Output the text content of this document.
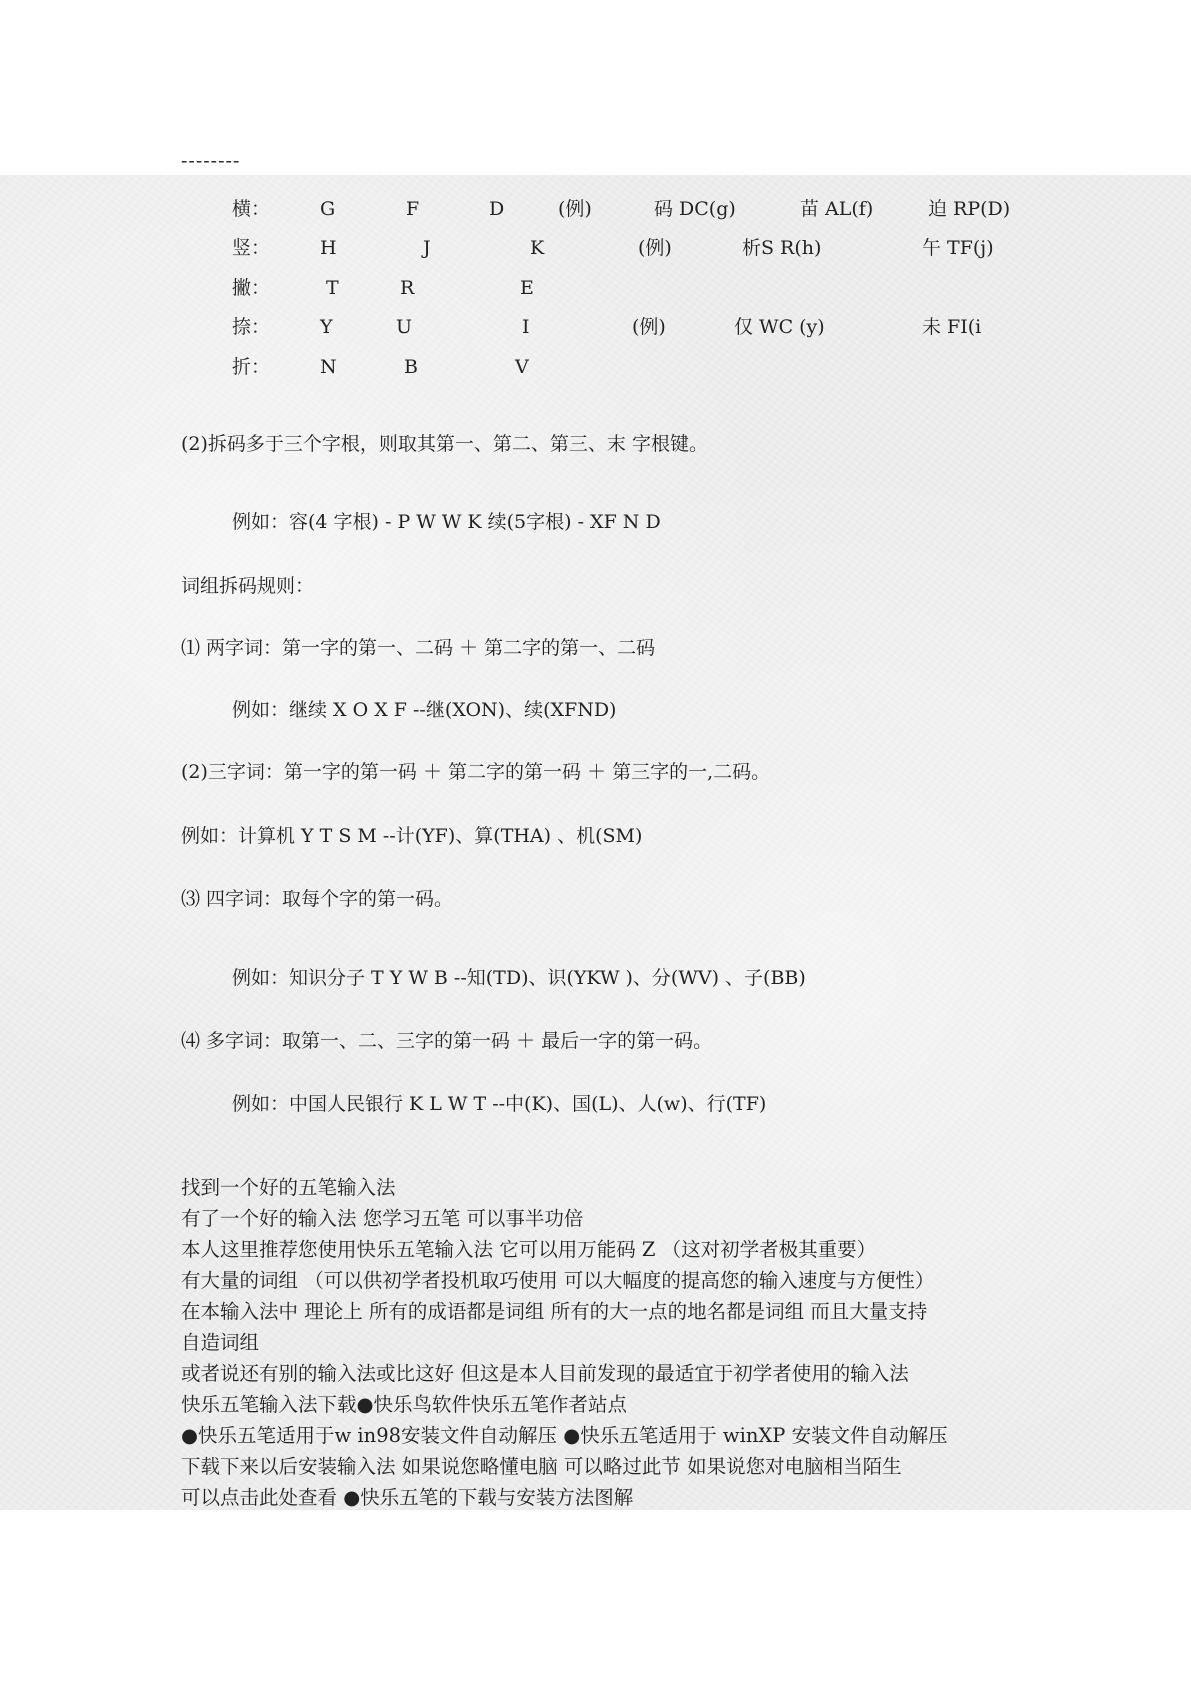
--------
横：	G	F	D	(例)	码 DC(g)	苗 AL(f)	迫 RP(D)
竖：	H	J	K	(例)	析S R(h)	午 TF(j)
撇：	T	R	E
捺：	Y	U	I	(例)	仅 WC (y)	未 FI(i
折：	N	B	V
(2)拆码多于三个字根，则取其第一、第二、第三、末 字根键。
例如：容(4 字根) - P W W K 续(5字根) - XF N D
词组拆码规则：
⑴ 两字词：第一字的第一、二码 ＋ 第二字的第一、二码
例如：继续 X O X F --继(XON)、续(XFND)
(2)三字词：第一字的第一码 ＋ 第二字的第一码 ＋ 第三字的一,二码。
例如：计算机 Y T S M --计(YF)、算(THA) 、机(SM)
⑶ 四字词：取每个字的第一码。
例如：知识分子 T Y W B --知(TD)、识(YKW )、分(WV) 、子(BB)
⑷ 多字词：取第一、二、三字的第一码 ＋ 最后一字的第一码。
例如：中国人民银行 K L W T --中(K)、国(L)、人(w)、行(TF)
找到一个好的五笔输入法
有了一个好的输入法 您学习五笔 可以事半功倍
本人这里推荐您使用快乐五笔输入法 它可以用万能码 Z （这对初学者极其重要）
有大量的词组 （可以供初学者投机取巧使用 可以大幅度的提高您的输入速度与方便性）
在本输入法中 理论上 所有的成语都是词组 所有的大一点的地名都是词组 而且大量支持
自造词组
或者说还有别的输入法或比这好 但这是本人目前发现的最适宜于初学者使用的输入法
快乐五笔输入法下载●快乐鸟软件快乐五笔作者站点
●快乐五笔适用于w in98安装文件自动解压 ●快乐五笔适用于 winXP 安装文件自动解压
下载下来以后安装输入法 如果说您略懂电脑 可以略过此节 如果说您对电脑相当陌生
可以点击此处查看 ●快乐五笔的下载与安装方法图解
